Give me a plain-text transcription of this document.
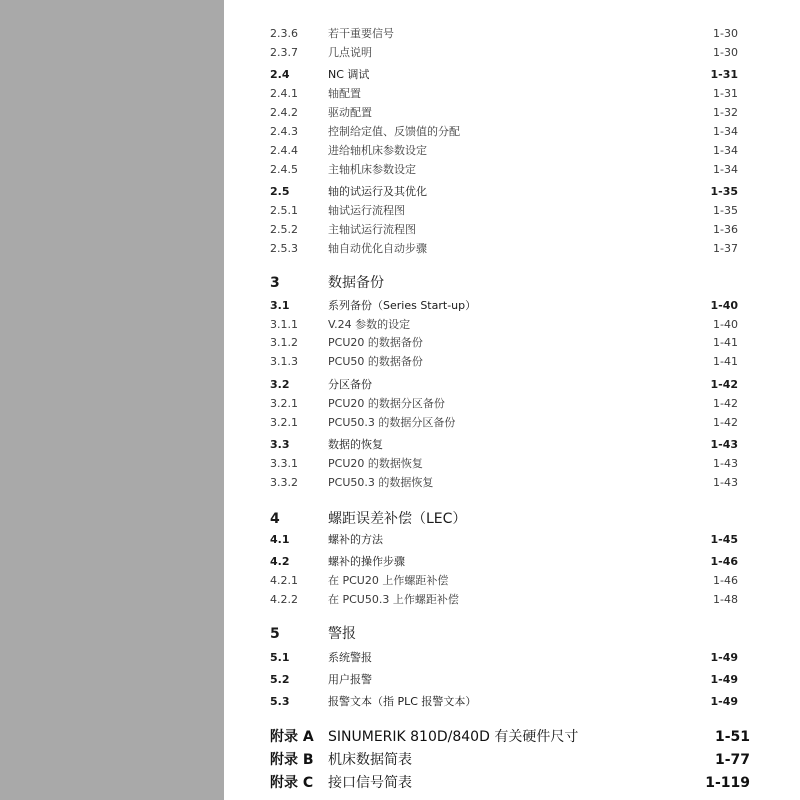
2.3.6	若干重要信号	1-30
2.3.7	几点说明	1-30
2.4	NC 调试	1-31
2.4.1	轴配置	1-31
2.4.2	驱动配置	1-32
2.4.3	控制给定值、反馈值的分配	1-34
2.4.4	进给轴机床参数设定	1-34
2.4.5	主轴机床参数设定	1-34
2.5	轴的试运行及其优化	1-35
2.5.1	轴试运行流程图	1-35
2.5.2	主轴试运行流程图	1-36
2.5.3	轴自动优化自动步骤	1-37
3	数据备份
3.1	系列备份（Series Start-up）	1-40
3.1.1	V.24 参数的设定	1-40
3.1.2	PCU20 的数据备份	1-41
3.1.3	PCU50 的数据备份	1-41
3.2	分区备份	1-42
3.2.1	PCU20 的数据分区备份	1-42
3.2.1	PCU50.3 的数据分区备份	1-42
3.3	数据的恢复	1-43
3.3.1	PCU20 的数据恢复	1-43
3.3.2	PCU50.3 的数据恢复	1-43
4	螺距误差补偿（LEC）
4.1	螺补的方法	1-45
4.2	螺补的操作步骤	1-46
4.2.1	在 PCU20 上作螺距补偿	1-46
4.2.2	在 PCU50.3 上作螺距补偿	1-48
5	警报
5.1	系统警报	1-49
5.2	用户报警	1-49
5.3	报警文本（指 PLC 报警文本）	1-49
附录 A SINUMERIK 810D/840D 有关硬件尺寸	1-51
附录 B 机床数据简表	1-77
附录 C 接口信号简表	1-119
